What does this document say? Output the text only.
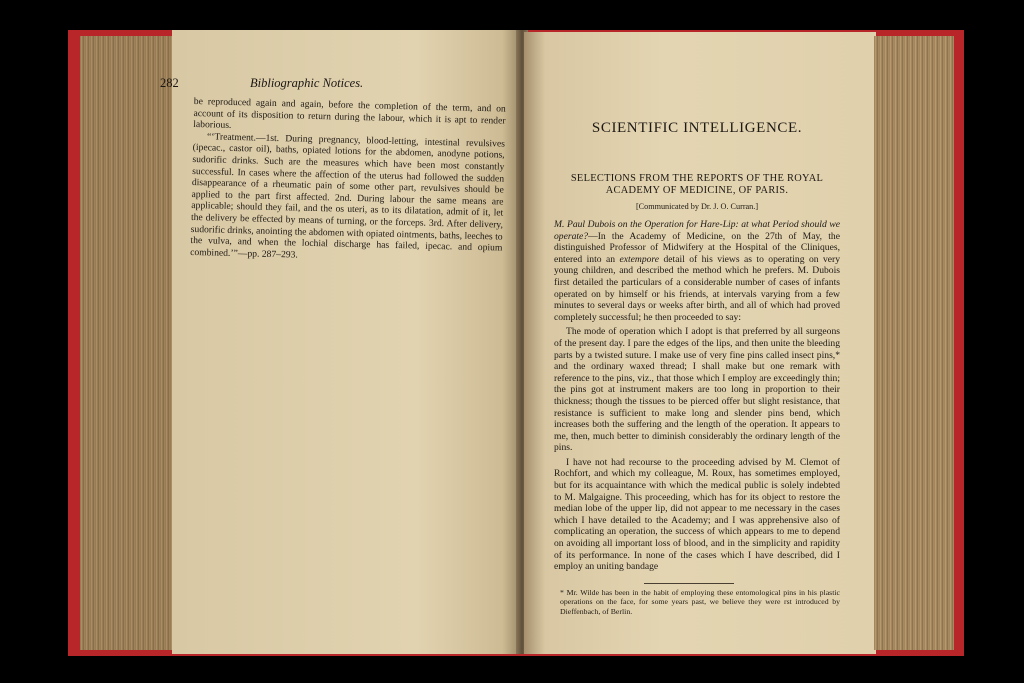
282	Bibliographic Notices.

be reproduced again and again, before the completion of the term, and on account of its disposition to return during the labour, which it is apt to render laborious.

“‘Treatment.—1st. During pregnancy, blood-letting, intestinal revulsives (ipecac., castor oil), baths, opiated lotions for the abdomen, anodyne potions, sudorific drinks. Such are the measures which have been most constantly successful. In cases where the affection of the uterus had followed the sudden disappearance of a rheumatic pain of some other part, revulsives should be applied to the part first affected. 2nd. During labour the same means are applicable; should they fail, and the os uteri, as to its dilatation, admit of it, let the delivery be effected by means of turning, or the forceps. 3rd. After delivery, sudorific drinks, anointing the abdomen with opiated ointments, baths, leeches to the vulva, and when the lochial discharge has failed, ipecac. and opium combined.’”—pp. 287–293.

SCIENTIFIC INTELLIGENCE.
SELECTIONS FROM THE REPORTS OF THE ROYAL
ACADEMY OF MEDICINE, OF PARIS.
[Communicated by Dr. J. O. Curran.]

M. Paul Dubois on the Operation for Hare-Lip: at what Period should we operate?—In the Academy of Medicine, on the 27th of May, the distinguished Professor of Midwifery at the Hospital of the Cliniques, entered into an extempore detail of his views as to operating on very young children, and described the method which he prefers. M. Dubois first detailed the particulars of a considerable number of cases of infants operated on by himself or his friends, at intervals varying from a few minutes to several days or weeks after birth, and all of which had proved completely successful; he then proceeded to say:

The mode of operation which I adopt is that preferred by all surgeons of the present day. I pare the edges of the lips, and then unite the bleeding parts by a twisted suture. I make use of very fine pins called insect pins,* and the ordinary waxed thread; I shall make but one remark with reference to the pins, viz., that those which I employ are exceedingly thin; the pins got at instrument makers are too long in proportion to their thickness; though the tissues to be pierced offer but slight resistance, that resistance is sufficient to make long and slender pins bend, which increases both the suffering and the length of the operation. It appears to me, then, much better to diminish considerably the ordinary length of the pins.

I have not had recourse to the proceeding advised by M. Clemot of Rochfort, and which my colleague, M. Roux, has sometimes employed, but for its acquaintance with which the medical public is solely indebted to M. Malgaigne. This proceeding, which has for its object to restore the median lobe of the upper lip, did not appear to me necessary in the cases which I have detailed to the Academy; and I was apprehensive also of complicating an operation, the success of which appears to me to depend on avoiding all important loss of blood, and in the simplicity and rapidity of its performance. In none of the cases which I have described, did I employ an uniting bandage

* Mr. Wilde has been in the habit of employing these entomological pins in his plastic operations on the face, for some years past, we believe they were rst introduced by Dieffenbach, of Berlin.
